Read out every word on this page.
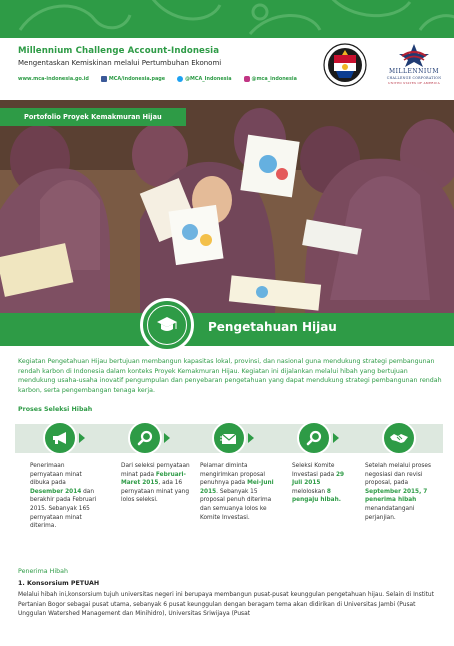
Millennium Challenge Account-Indonesia
Mengentaskan Kemiskinan melalui Pertumbuhan Ekonomi
www.mca-indonesia.go.id	MCA/indonesia.page	@MCA_Indonesia	@mca_indonesia
MILLENNIUM
CHALLENGE CORPORATION
UNITED STATES OF AMERICA
Portofolio Proyek Kemakmuran Hijau
Pengetahuan Hijau
Kegiatan Pengetahuan Hijau bertujuan membangun kapasitas lokal, provinsi, dan nasional guna mendukung strategi pembangunan rendah karbon di Indonesia dalam konteks Proyek Kemakmuran Hijau. Kegiatan ini dijalankan melalui hibah yang bertujuan mendukung usaha-usaha inovatif pengumpulan dan penyebaran pengetahuan yang dapat mendukung strategi pembangunan rendah karbon, serta pengembangan tenaga kerja.
Proses Seleksi Hibah
Penerimaan pernyataan minat dibuka pada Desember 2014 dan berakhir pada Februari 2015. Sebanyak 165 pernyataan minat diterima.
Dari seleksi pernyataan minat pada Februari-Maret 2015, ada 16 pernyataan minat yang lolos seleksi.
Pelamar diminta mengirimkan proposal penuhnya pada Mei-Juni 2015. Sebanyak 15 proposal penuh diterima dan semuanya lolos ke Komite Investasi.
Seleksi Komite Investasi pada 29 Juli 2015 meloloskan 8 pengaju hibah.
Setelah melalui proses negosiasi dan revisi proposal, pada September 2015, 7 penerima hibah menandatangani perjanjian.
Penerima Hibah
1. Konsorsium PETUAH
Melalui hibah ini,konsorsium tujuh universitas negeri ini berupaya membangun pusat-pusat keunggulan pengetahuan hijau. Selain di Institut Pertanian Bogor sebagai pusat utama, sebanyak 6 pusat keunggulan dengan beragam tema akan didirikan di Universitas Jambi (Pusat Unggulan Watershed Management dan Minihidro), Universitas Sriwijaya (Pusat
